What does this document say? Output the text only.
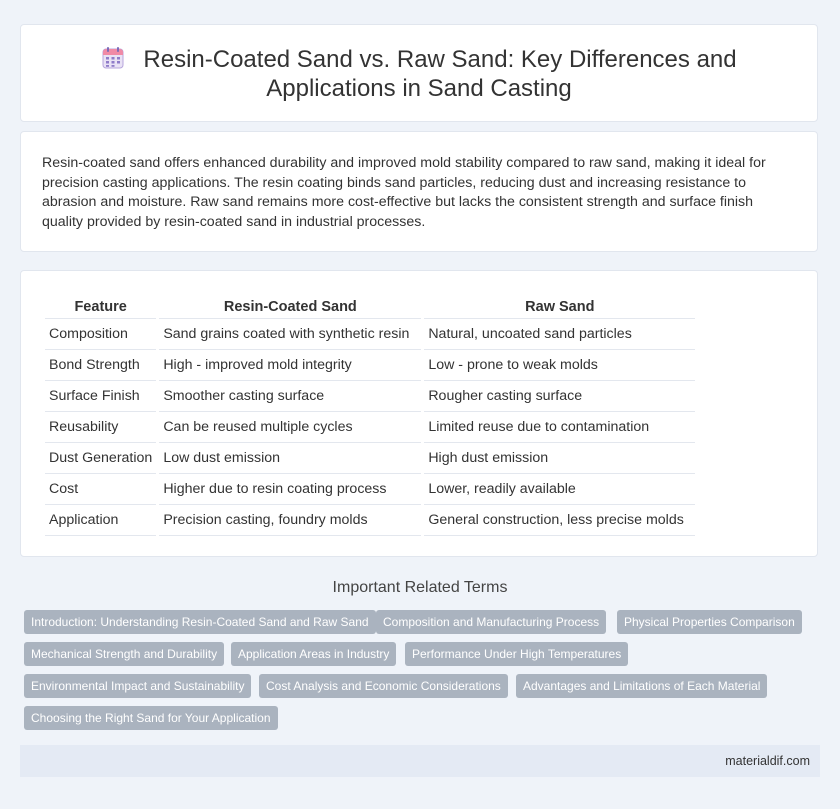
Resin-Coated Sand vs. Raw Sand: Key Differences and
Applications in Sand Casting
Resin-coated sand offers enhanced durability and improved mold stability compared to raw sand, making it ideal for precision casting applications. The resin coating binds sand particles, reducing dust and increasing resistance to abrasion and moisture. Raw sand remains more cost-effective but lacks the consistent strength and surface finish quality provided by resin-coated sand in industrial processes.
Feature	Resin-Coated Sand	Raw Sand
Composition	Sand grains coated with synthetic resin	Natural, uncoated sand particles
Bond Strength	High - improved mold integrity	Low - prone to weak molds
Surface Finish	Smoother casting surface	Rougher casting surface
Reusability	Can be reused multiple cycles	Limited reuse due to contamination
Dust Generation	Low dust emission	High dust emission
Cost	Higher due to resin coating process	Lower, readily available
Application	Precision casting, foundry molds	General construction, less precise molds
Important Related Terms
Introduction: Understanding Resin-Coated Sand and Raw Sand	Composition and Manufacturing Process	Physical Properties Comparison
Mechanical Strength and Durability	Application Areas in Industry	Performance Under High Temperatures
Environmental Impact and Sustainability	Cost Analysis and Economic Considerations	Advantages and Limitations of Each Material
Choosing the Right Sand for Your Application
materialdif.com
